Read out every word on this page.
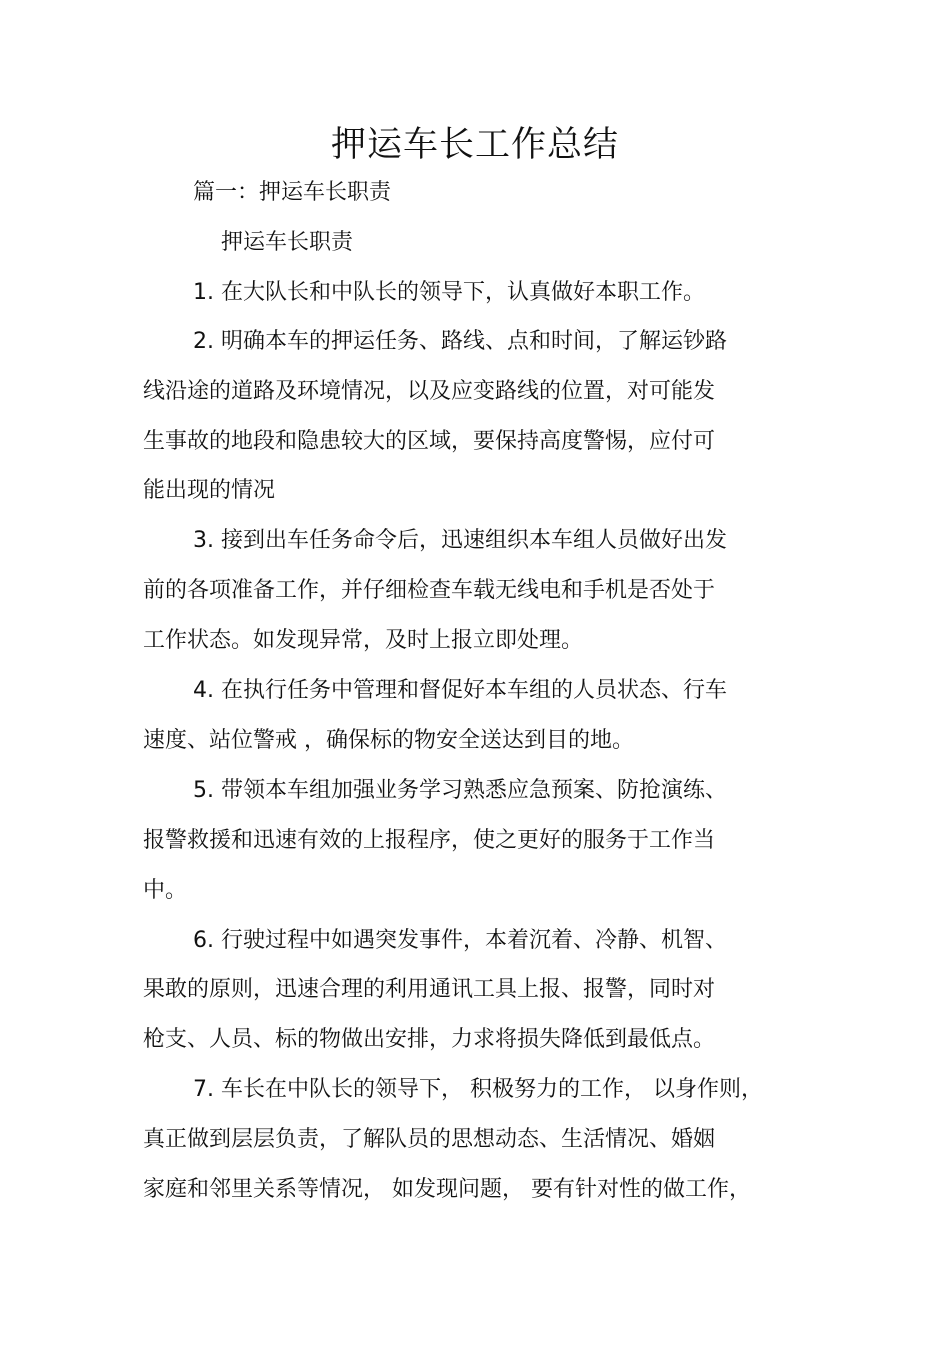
押运车长工作总结
篇一：押运车长职责
押运车长职责
1. 在大队长和中队长的领导下，认真做好本职工作。
2. 明确本车的押运任务、路线、点和时间，了解运钞路
线沿途的道路及环境情况，以及应变路线的位置，对可能发
生事故的地段和隐患较大的区域，要保持高度警惕，应付可
能出现的情况
3. 接到出车任务命令后，迅速组织本车组人员做好出发
前的各项准备工作，并仔细检查车载无线电和手机是否处于
工作状态。如发现异常，及时上报立即处理。
4. 在执行任务中管理和督促好本车组的人员状态、行车
速度、站位警戒 ，确保标的物安全送达到目的地。
5. 带领本车组加强业务学习熟悉应急预案、防抢演练、
报警救援和迅速有效的上报程序，使之更好的服务于工作当
中。
6. 行驶过程中如遇突发事件，本着沉着、冷静、机智、
果敢的原则，迅速合理的利用通讯工具上报、报警，同时对
枪支、人员、标的物做出安排，力求将损失降低到最低点。
7. 车长在中队长的领导下， 积极努力的工作， 以身作则，
真正做到层层负责，了解队员的思想动态、生活情况、婚姻
家庭和邻里关系等情况， 如发现问题， 要有针对性的做工作，
